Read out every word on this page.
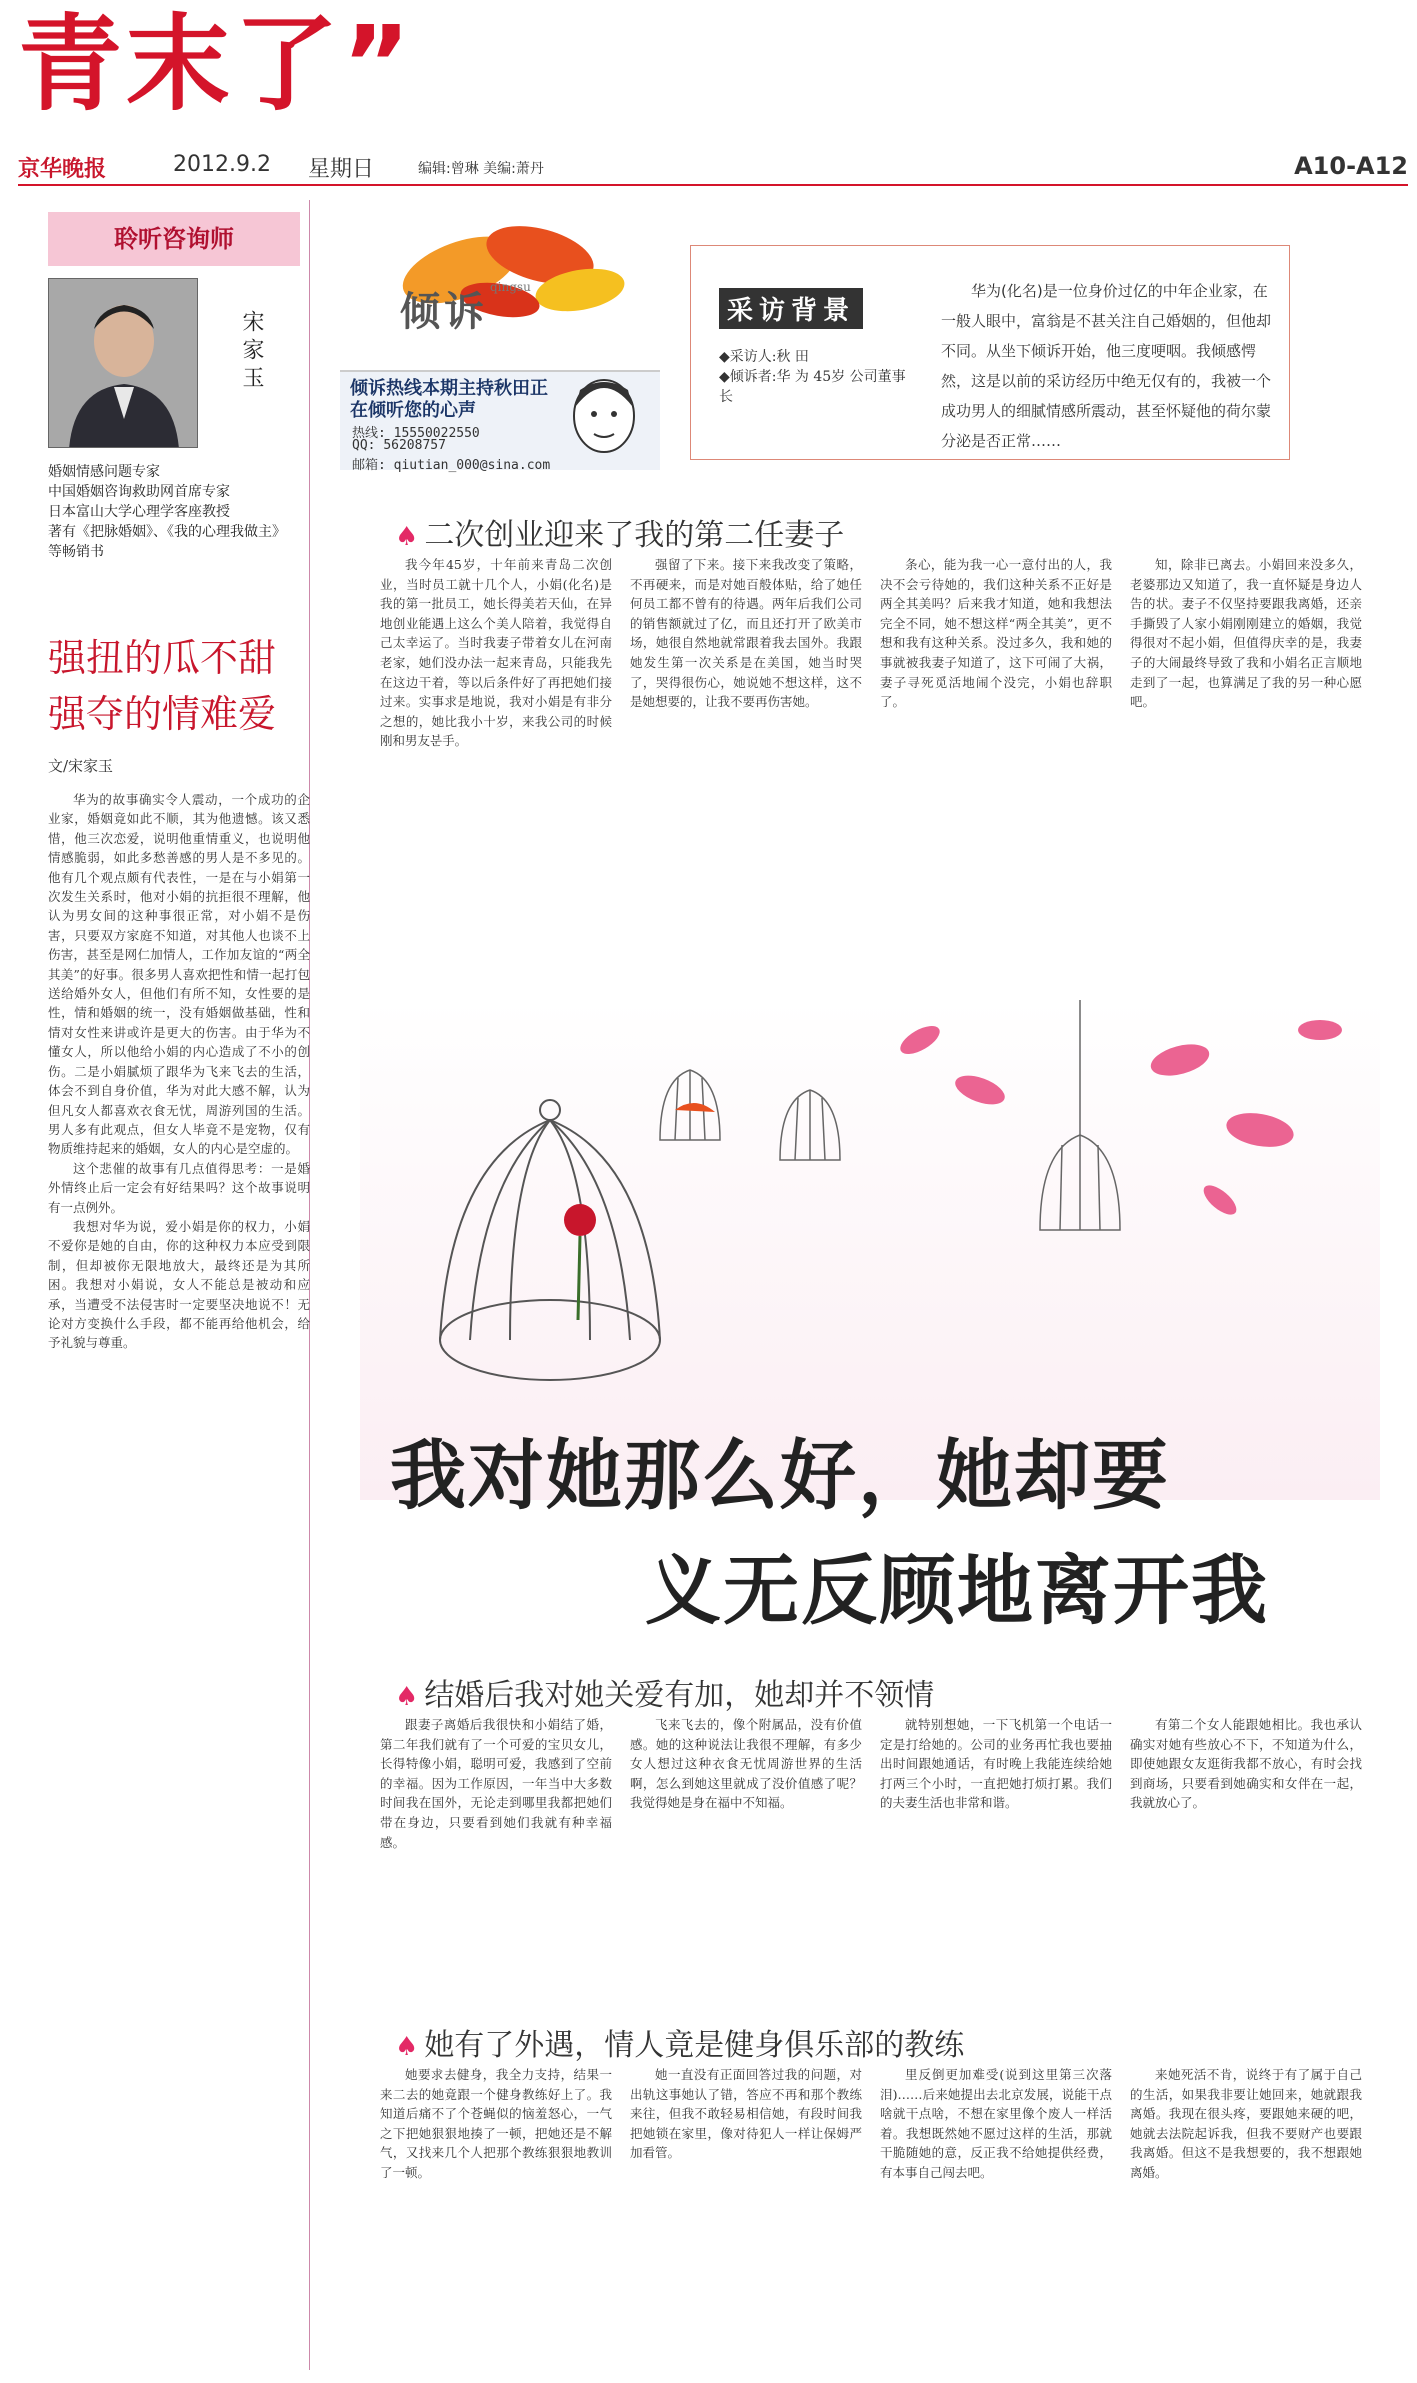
青末了”
京华晚报	2012.9.2 星期日	编辑:曾琳 美编:萧丹	A10-A12
聆听咨询师
宋家玉
婚姻情感问题专家
中国婚姻咨询救助网首席专家
日本富山大学心理学客座教授
著有《把脉婚姻》、《我的心理我做主》
等畅销书
强扭的瓜不甜
强夺的情难爱
文/宋家玉

华为的故事确实令人震动，一个成功的企业家，婚姻竟如此不顺，其为他遗憾。该又悉惜，他三次恋爱，说明他重情重义，也说明他情感脆弱，如此多愁善感的男人是不多见的。他有几个观点颇有代表性，一是在与小娟第一次发生关系时，他对小娟的抗拒很不理解，他认为男女间的这种事很正常，对小娟不是伤害，只要双方家庭不知道，对其他人也谈不上伤害，甚至是网仁加情人，工作加友谊的“两全其美”的好事。很多男人喜欢把性和情一起打包送给婚外女人，但他们有所不知，女性要的是性，情和婚姻的统一，没有婚姻做基础，性和情对女性来讲或许是更大的伤害。由于华为不懂女人，所以他给小娟的内心造成了不小的创伤。二是小娟腻烦了跟华为飞来飞去的生活，体会不到自身价值，华为对此大感不解，认为但凡女人都喜欢衣食无忧，周游列国的生活。男人多有此观点，但女人毕竟不是宠物，仅有物质维持起来的婚姻，女人的内心是空虚的。

这个悲催的故事有几点值得思考：一是婚外情终止后一定会有好结果吗？这个故事说明有一点例外。

我想对华为说，爱小娟是你的权力，小娟不爱你是她的自由，你的这种权力本应受到限制，但却被你无限地放大，最终还是为其所困。我想对小娟说，女人不能总是被动和应承，当遭受不法侵害时一定要坚决地说不！无论对方变换什么手段，都不能再给他机会，给予礼貌与尊重。

倾诉
qingsu
倾诉热线本期主持秋田正在倾听您的心声
热线: 15550022550
QQ: 56208757
邮箱: qiutian_000@sina.com
采访背景
◆采访人:秋 田
◆倾诉者:华 为 45岁 公司董事长
华为(化名)是一位身价过亿的中年企业家，在一般人眼中，富翁是不甚关注自己婚姻的，但他却不同。从坐下倾诉开始，他三度哽咽。我倾感愕然，这是以前的采访经历中绝无仅有的，我被一个成功男人的细腻情感所震动，甚至怀疑他的荷尔蒙分泌是否正常……
♠ 二次创业迎来了我的第二任妻子

我今年45岁，十年前来青岛二次创业，当时员工就十几个人，小娟(化名)是我的第一批员工，她长得美若天仙，在异地创业能遇上这么个美人陪着，我觉得自己太幸运了。当时我妻子带着女儿在河南老家，她们没办法一起来青岛，只能我先在这边干着，等以后条件好了再把她们接过来。实事求是地说，我对小娟是有非分之想的，她比我小十岁，来我公司的时候刚和男友분手。

强留了下来。接下来我改变了策略，不再硬来，而是对她百般体贴，给了她任何员工都不曾有的待遇。两年后我们公司的销售额就过了亿，而且还打开了欧美市场，她很自然地就常跟着我去国外。我跟她发生第一次关系是在美国，她当时哭了，哭得很伤心，她说她不想这样，这不是她想要的，让我不要再伤害她。

条心，能为我一心一意付出的人，我决不会亏待她的，我们这种关系不正好是两全其美吗？后来我才知道，她和我想法完全不同，她不想这样“两全其美”，更不想和我有这种关系。没过多久，我和她的事就被我妻子知道了，这下可闹了大祸，妻子寻死觅活地闹个没完，小娟也辞职了。

知，除非已离去。小娟回来没多久，老婆那边又知道了，我一直怀疑是身边人告的状。妻子不仅坚持要跟我离婚，还亲手撕毁了人家小娟刚刚建立的婚姻，我觉得很对不起小娟，但值得庆幸的是，我妻子的大闹最终导致了我和小娟名正言顺地走到了一起，也算满足了我的另一种心愿吧。

我对她那么好，她却要
义无反顾地离开我
♠ 结婚后我对她关爱有加，她却并不领情

跟妻子离婚后我很快和小娟结了婚，第二年我们就有了一个可爱的宝贝女儿，长得特像小娟，聪明可爱，我感到了空前的幸福。因为工作原因，一年当中大多数时间我在国外，无论走到哪里我都把她们带在身边，只要看到她们我就有种幸福感。

飞来飞去的，像个附属品，没有价值感。她的这种说法让我很不理解，有多少女人想过这种衣食无忧周游世界的生活啊，怎么到她这里就成了没价值感了呢？我觉得她是身在福中不知福。

就特别想她，一下飞机第一个电话一定是打给她的。公司的业务再忙我也要抽出时间跟她通话，有时晚上我能连续给她打两三个小时，一直把她打烦打累。我们的夫妻生活也非常和谐。

有第二个女人能跟她相比。我也承认确实对她有些放心不下，不知道为什么，即使她跟女友逛街我都不放心，有时会找到商场，只要看到她确实和女伴在一起，我就放心了。

♠ 她有了外遇，情人竟是健身俱乐部的教练

她要求去健身，我全力支持，结果一来二去的她竟跟一个健身教练好上了。我知道后痛不了个苍蝇似的恼羞怒心，一气之下把她狠狠地揍了一顿，把她还是不解气，又找来几个人把那个教练狠狠地教训了一顿。

她一直没有正面回答过我的问题，对出轨这事她认了错，答应不再和那个教练来往，但我不敢轻易相信她，有段时间我把她锁在家里，像对待犯人一样让保姆严加看管。

里反倒更加难受(说到这里第三次落泪)……后来她提出去北京发展，说能干点啥就干点啥，不想在家里像个废人一样活着。我想既然她不愿过这样的生活，那就干脆随她的意，反正我不给她提供经费，有本事自己闯去吧。

来她死活不肯，说终于有了属于自己的生活，如果我非要让她回来，她就跟我离婚。我现在很头疼，要跟她来硬的吧，她就去法院起诉我，但我不要财产也要跟我离婚。但这不是我想要的，我不想跟她离婚。
